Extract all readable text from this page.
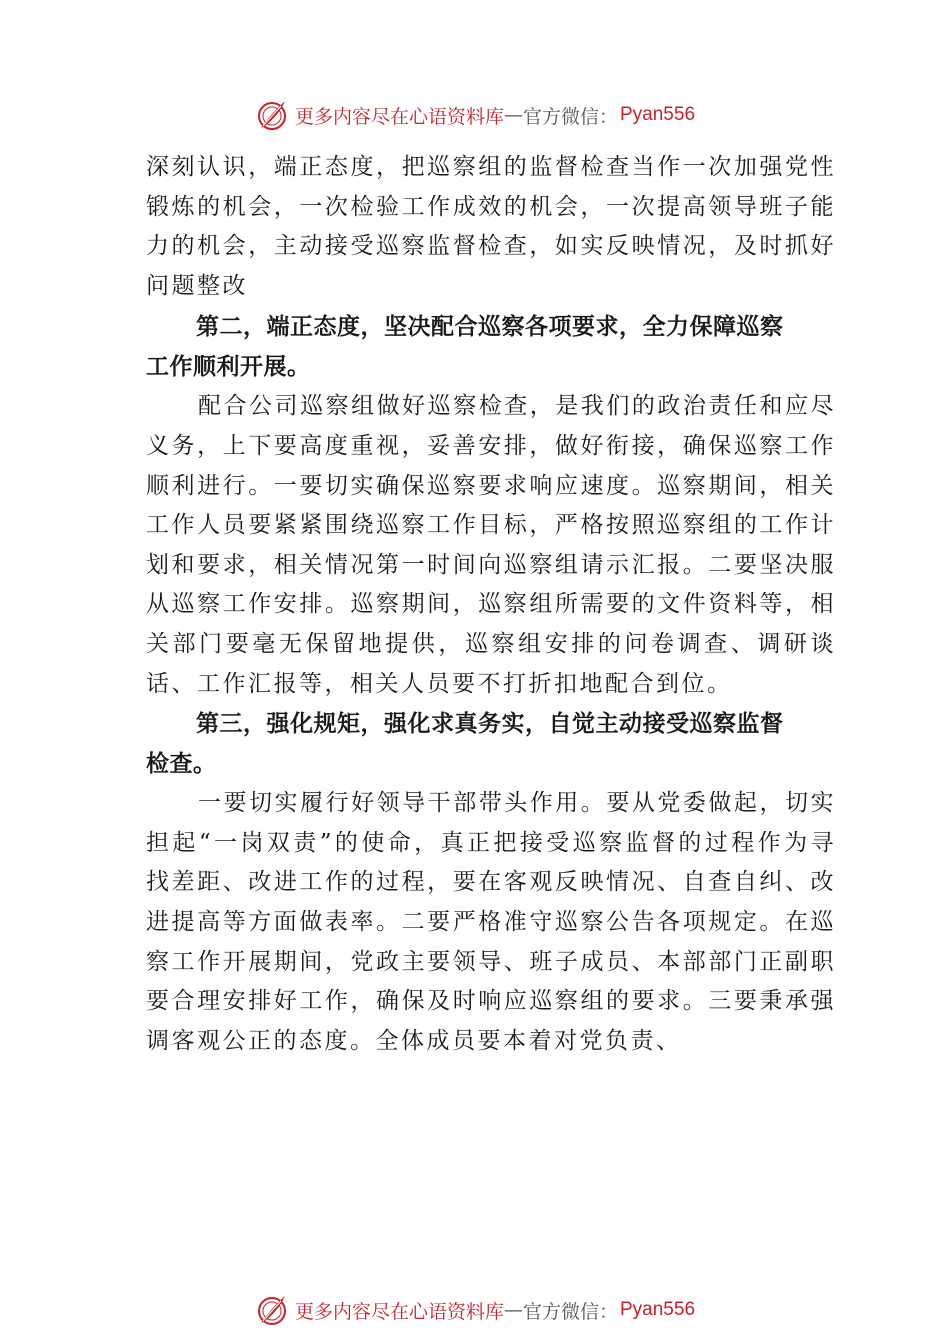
更多内容尽在心语资料库 — 官方微信： Pyan556

深刻认识，端正态度，把巡察组的监督检查当作一次加强党性锻炼的机会，一次检验工作成效的机会，一次提高领导班子能力的机会，主动接受巡察监督检查，如实反映情况，及时抓好问题整改

第二，端正态度，坚决配合巡察各项要求，全力保障巡察工作顺利开展。

配合公司巡察组做好巡察检查，是我们的政治责任和应尽义务，上下要高度重视，妥善安排，做好衔接，确保巡察工作顺利进行。一要切实确保巡察要求响应速度。巡察期间，相关工作人员要紧紧围绕巡察工作目标，严格按照巡察组的工作计划和要求，相关情况第一时间向巡察组请示汇报。二要坚决服从巡察工作安排。巡察期间，巡察组所需要的文件资料等，相关部门要毫无保留地提供，巡察组安排的问卷调查、调研谈话、工作汇报等，相关人员要不打折扣地配合到位。

第三，强化规矩，强化求真务实，自觉主动接受巡察监督检查。

一要切实履行好领导干部带头作用。要从党委做起，切实担起“一岗双责”的使命，真正把接受巡察监督的过程作为寻找差距、改进工作的过程，要在客观反映情况、自查自纠、改进提高等方面做表率。二要严格准守巡察公告各项规定。在巡察工作开展期间，党政主要领导、班子成员、本部部门正副职要合理安排好工作，确保及时响应巡察组的要求。三要秉承强调客观公正的态度。全体成员要本着对党负责、

更多内容尽在心语资料库 — 官方微信： Pyan556
